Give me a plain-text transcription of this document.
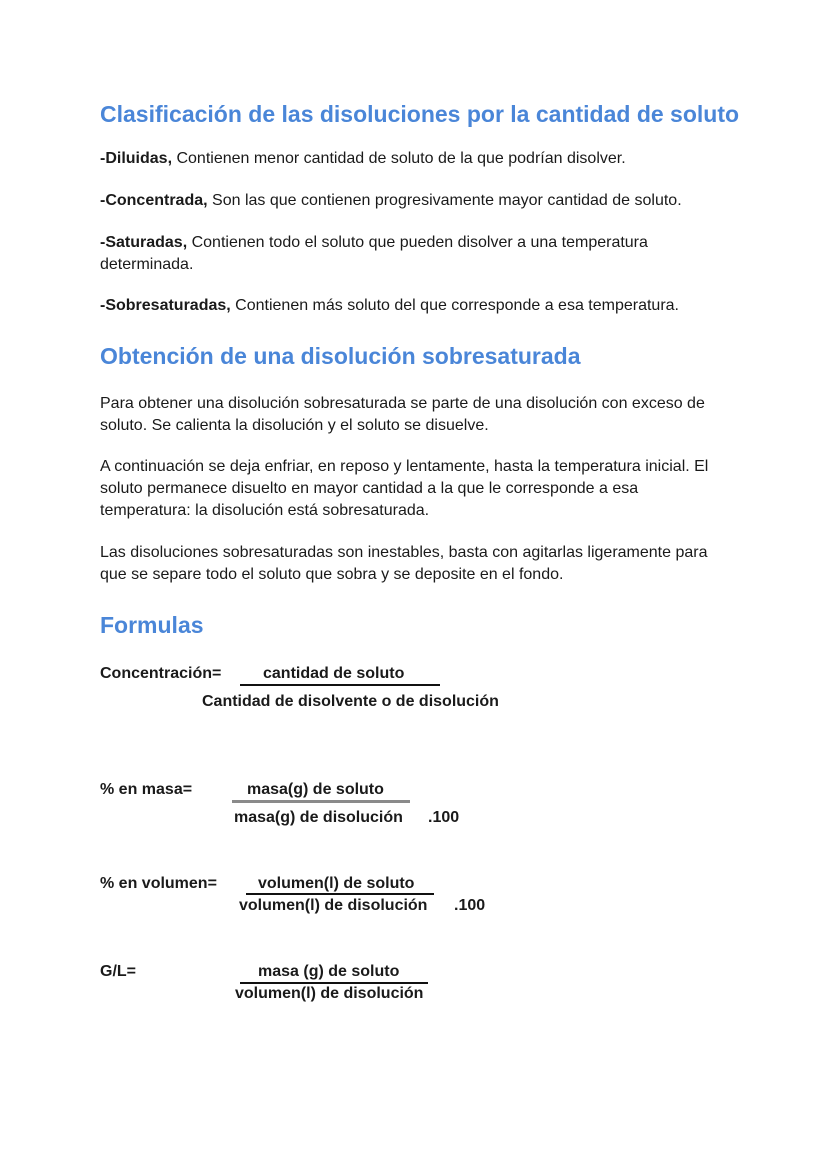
Clasificación de las disoluciones por la cantidad de soluto

-Diluidas, Contienen menor cantidad de soluto de la que podrían disolver.

-Concentrada, Son las que contienen progresivamente mayor cantidad de soluto.

-Saturadas, Contienen todo el soluto que pueden disolver a una temperatura determinada.

-Sobresaturadas, Contienen más soluto del que corresponde a esa temperatura.

Obtención de una disolución sobresaturada

Para obtener una disolución sobresaturada se parte de una disolución con exceso de soluto. Se calienta la disolución y el soluto se disuelve.

A continuación se deja enfriar, en reposo y lentamente, hasta la temperatura inicial. El soluto permanece disuelto en mayor cantidad a la que le corresponde a esa temperatura: la disolución está sobresaturada.

Las disoluciones sobresaturadas son inestables, basta con agitarlas ligeramente para que se separe todo el soluto que sobra y se deposite en el fondo.

Formulas
Concentración=	cantidad de soluto
Cantidad de disolvente o de disolución
% en masa=	masa(g) de soluto
masa(g) de disolución .100
% en volumen=	volumen(l) de soluto
volumen(l) de disolución .100
G/L=	masa (g) de soluto
volumen(l) de disolución
